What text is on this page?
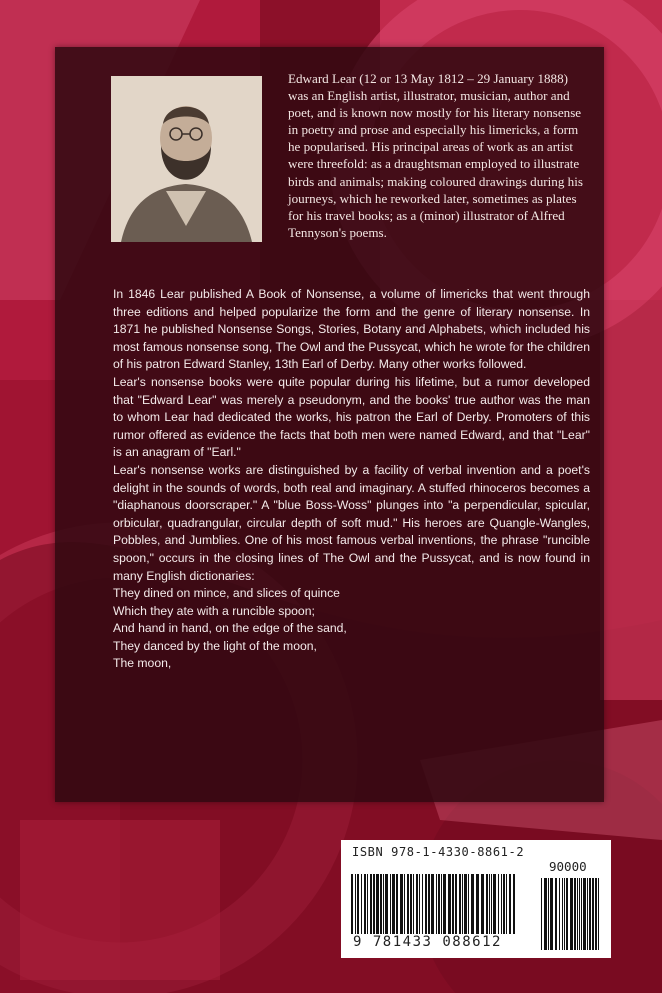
Edward Lear (12 or 13 May 1812 – 29 January 1888) was an English artist, illustrator, musician, author and poet, and is known now mostly for his literary nonsense in poetry and prose and especially his limericks, a form he popularised. His principal areas of work as an artist were threefold: as a draughtsman employed to illustrate birds and animals; making coloured drawings during his journeys, which he reworked later, sometimes as plates for his travel books; as a (minor) illustrator of Alfred Tennyson's poems.

In 1846 Lear published A Book of Nonsense, a volume of limericks that went through three editions and helped popularize the form and the genre of literary nonsense. In 1871 he published Nonsense Songs, Stories, Botany and Alphabets, which included his most famous nonsense song, The Owl and the Pussycat, which he wrote for the children of his patron Edward Stanley, 13th Earl of Derby. Many other works followed.

Lear's nonsense books were quite popular during his lifetime, but a rumor developed that "Edward Lear" was merely a pseudonym, and the books' true author was the man to whom Lear had dedicated the works, his patron the Earl of Derby. Promoters of this rumor offered as evidence the facts that both men were named Edward, and that "Lear" is an anagram of "Earl."

Lear's nonsense works are distinguished by a facility of verbal invention and a poet's delight in the sounds of words, both real and imaginary. A stuffed rhinoceros becomes a "diaphanous doorscraper." A "blue Boss-Woss" plunges into "a perpendicular, spicular, orbicular, quadrangular, circular depth of soft mud." His heroes are Quangle-Wangles, Pobbles, and Jumblies. One of his most famous verbal inventions, the phrase "runcible spoon," occurs in the closing lines of The Owl and the Pussycat, and is now found in many English dictionaries:

They dined on mince, and slices of quince
Which they ate with a runcible spoon;
And hand in hand, on the edge of the sand,
They danced by the light of the moon,
The moon,
ISBN 978-1-4330-8861-2
90000
9 781433 088612
